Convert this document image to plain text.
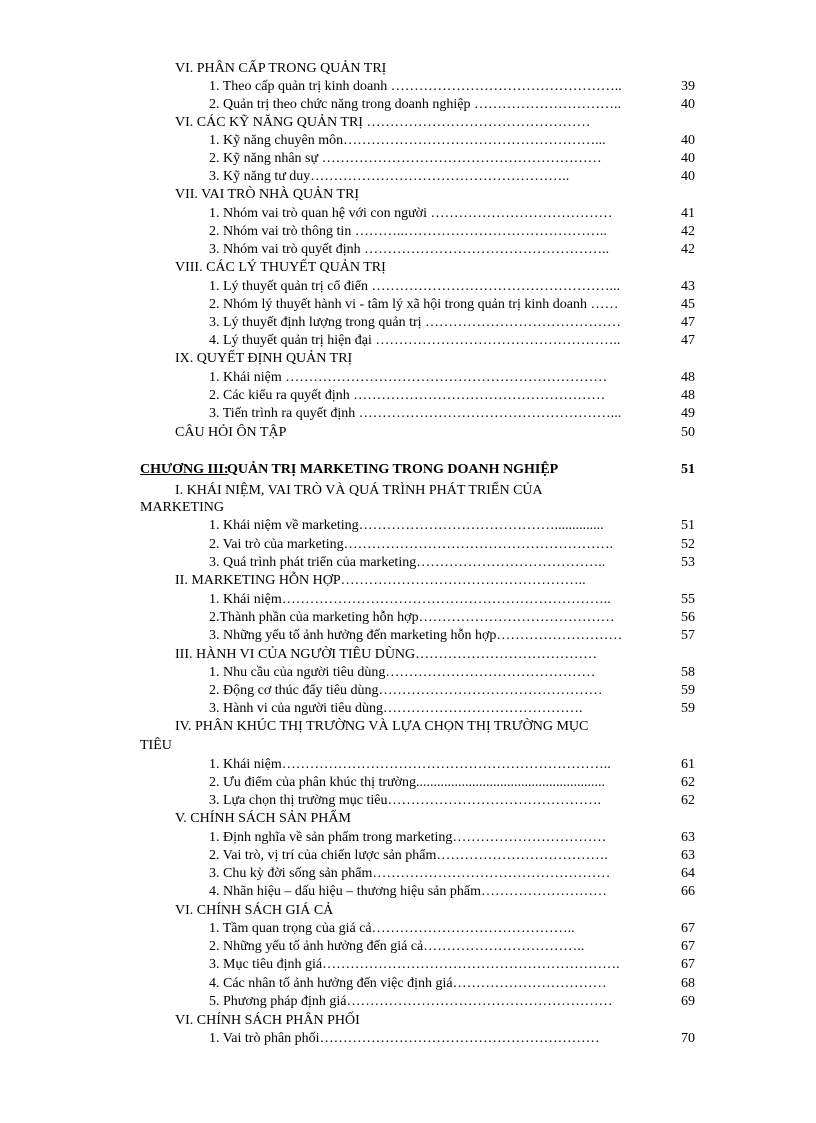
VI. PHÂN CẤP TRONG QUẢN TRỊ
1. Theo cấp quản trị kinh doanh …………………………………………..	39
2. Quản trị theo chức năng trong doanh nghiệp …………………………..	40
VI. CÁC KỸ NĂNG QUẢN TRỊ …………………………………………
1. Kỹ năng chuyên môn………………………………………………...	40
2. Kỹ năng nhân sự ……………………………………………………	40
3. Kỹ năng tư duy………………………………………………..	40
VII. VAI TRÒ NHÀ QUẢN TRỊ
1. Nhóm vai trò quan hệ với con người …………………………………	41
2. Nhóm vai trò thông tin ………..……………………………………..	42
3. Nhóm vai trò quyết định ……………………………………………..	42
VIII. CÁC LÝ THUYẾT QUẢN TRỊ
1. Lý thuyết quản trị cổ điển ……………………………………………...	43
2. Nhóm lý thuyết hành vi - tâm lý xã hội trong quản trị kinh doanh ……	45
3. Lý thuyết định lượng trong quản trị ……………………………………	47
4. Lý thuyết quản trị hiện đại ……………………………………………..	47
IX. QUYẾT ĐỊNH QUẢN TRỊ
1. Khái niệm ……………………………………………………………	48
2. Các kiểu ra quyết định ………………………………………………	48
3. Tiến trình ra quyết định ………………………………………………...	49
CÂU HỎI ÔN TẬP	50
CHƯƠNG III:
QUẢN TRỊ MARKETING TRONG DOANH NGHIỆP	51
I. KHÁI NIỆM, VAI TRÒ VÀ QUÁ TRÌNH PHÁT TRIỂN CỦA
MARKETING
1. Khái niệm về marketing……………………………………..............	51
2. Vai trò của marketing………………………………………………….	52
3. Quá trình phát triển của marketing…………………………………..	53
II. MARKETING HỖN HỢP……………………………………………..
1. Khái niệm……………………………………………………………..	55
2.Thành phần của marketing hỗn hợp……………………………………	56
3. Những yếu tố ảnh hưởng đến marketing hỗn hợp………………………	57
III. HÀNH VI CỦA NGƯỜI TIÊU DÙNG…………………………………
1. Nhu cầu của người tiêu dùng………………………………………	58
2. Động cơ thúc đẩy tiêu dùng…………………………………………	59
3. Hành vi của người tiêu dùng…………………………………….	59
IV. PHÂN KHÚC THỊ TRƯỜNG VÀ LỰA CHỌN THỊ TRƯỜNG MỤC
TIÊU
1. Khái niệm……………………………………………………………..	61
2. Ưu điểm của phân khúc thị trường......................................................	62
3. Lựa chọn thị trường mục tiêu……………………………………….	62
V. CHÍNH SÁCH SẢN PHẨM
1. Định nghĩa về sản phẩm trong marketing……………………………	63
2. Vai trò, vị trí của chiến lược sản phẩm……………………………….	63
3. Chu kỳ đời sống sản phẩm……………………………………………	64
4. Nhãn hiệu – dấu hiệu – thương hiệu sản phẩm………………………	66
VI. CHÍNH SÁCH GIÁ CẢ
1. Tầm quan trọng của giá cả……………………………………..	67
2. Những yếu tố ảnh hưởng đến giá cả……………………………..	67
3. Mục tiêu định giá……………………………………………………….	67
4. Các nhân tố ảnh hưởng đến việc định giá……………………………	68
5. Phương pháp định giá…………………………………………………	69
VI. CHÍNH SÁCH PHÂN PHỐI
1. Vai trò phân phối……………………………………………………	70
